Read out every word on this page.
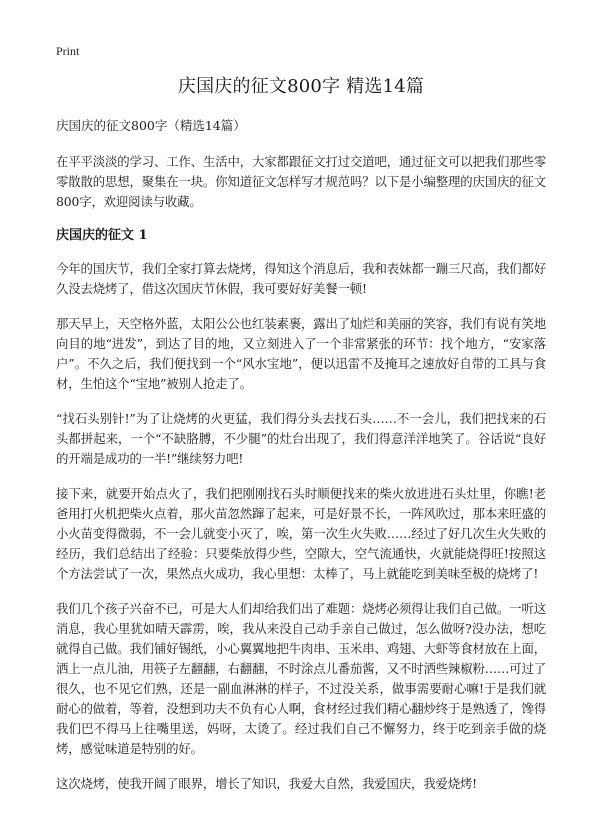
Print
庆国庆的征文800字 精选14篇
庆国庆的征文800字（精选14篇）

在平平淡淡的学习、工作、生活中，大家都跟征文打过交道吧，通过征文可以把我们那些零零散散的思想，聚集在一块。你知道征文怎样写才规范吗？以下是小编整理的庆国庆的征文800字，欢迎阅读与收藏。

庆国庆的征文 1

今年的国庆节，我们全家打算去烧烤，得知这个消息后，我和表妹都一蹦三尺高，我们都好久没去烧烤了，借这次国庆节休假，我可要好好美餐一顿!

那天早上，天空格外蓝，太阳公公也红装素裹，露出了灿烂和美丽的笑容，我们有说有笑地向目的地“进发”，到达了目的地，又立刻进入了一个非常紧张的环节：找个地方，“安家落户”。不久之后，我们便找到一个“风水宝地”，便以迅雷不及掩耳之速放好自带的工具与食材，生怕这个“宝地”被别人抢走了。

“找石头别针!”为了让烧烤的火更猛，我们得分头去找石头……不一会儿，我们把找来的石头都拼起来，一个“不缺胳膊，不少腿”的灶台出现了，我们得意洋洋地笑了。谷话说“良好的开端是成功的一半!”继续努力吧!

接下来，就要开始点火了，我们把刚刚找石头时顺便找来的柴火放进进石头灶里，你瞧!老爸用打火机把柴火点着，那火苗忽然蹿了起来，可是好景不长，一阵风吹过，那本来旺盛的小火苗变得微弱，不一会儿就变小灭了，唉，第一次生火失败……经过了好几次生火失败的经历，我们总结出了经验：只要柴放得少些，空隙大，空气流通快，火就能烧得旺!按照这个方法尝试了一次，果然点火成功，我心里想：太棒了，马上就能吃到美味至极的烧烤了!

我们几个孩子兴奋不已，可是大人们却给我们出了难题：烧烤必须得让我们自己做。一听这消息，我心里犹如晴天霹雳，唉，我从来没自己动手亲自己做过，怎么做呀?没办法，想吃就得自己做。我们铺好锡纸，小心翼翼地把牛肉串、玉米串、鸡翅、大虾等食材放在上面，洒上一点儿油，用筷子左翻翻，右翻翻，不时涂点儿番茄酱，又不时洒些辣椒粉……可过了很久，也不见它们熟，还是一副血淋淋的样子，不过没关系，做事需要耐心嘛!于是我们就耐心的做着，等着，没想到功夫不负有心人啊，食材经过我们精心翻炒终于是熟透了，馋得我们巴不得马上往嘴里送，妈呀，太烫了。经过我们自己不懈努力，终于吃到亲手做的烧烤，感觉味道是特别的好。

这次烧烤，使我开阔了眼界，增长了知识，我爱大自然，我爱国庆，我爱烧烤!
